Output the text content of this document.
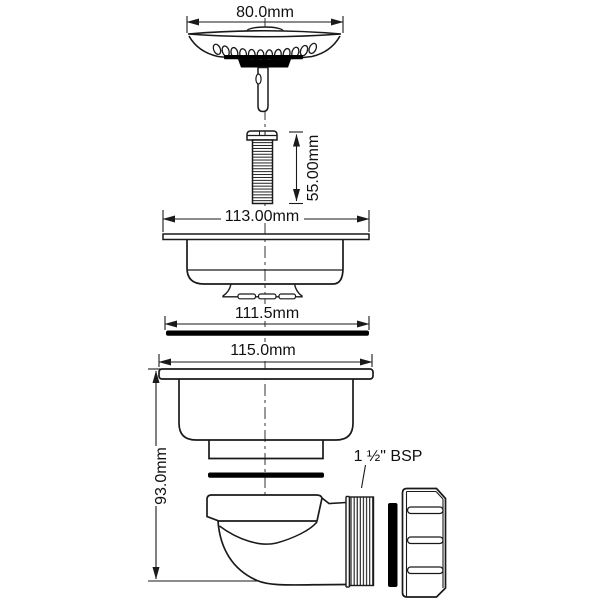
80.0mm
55.00mm
113.00mm
111.5mm
115.0mm
93.0mm	1 ½" BSP
